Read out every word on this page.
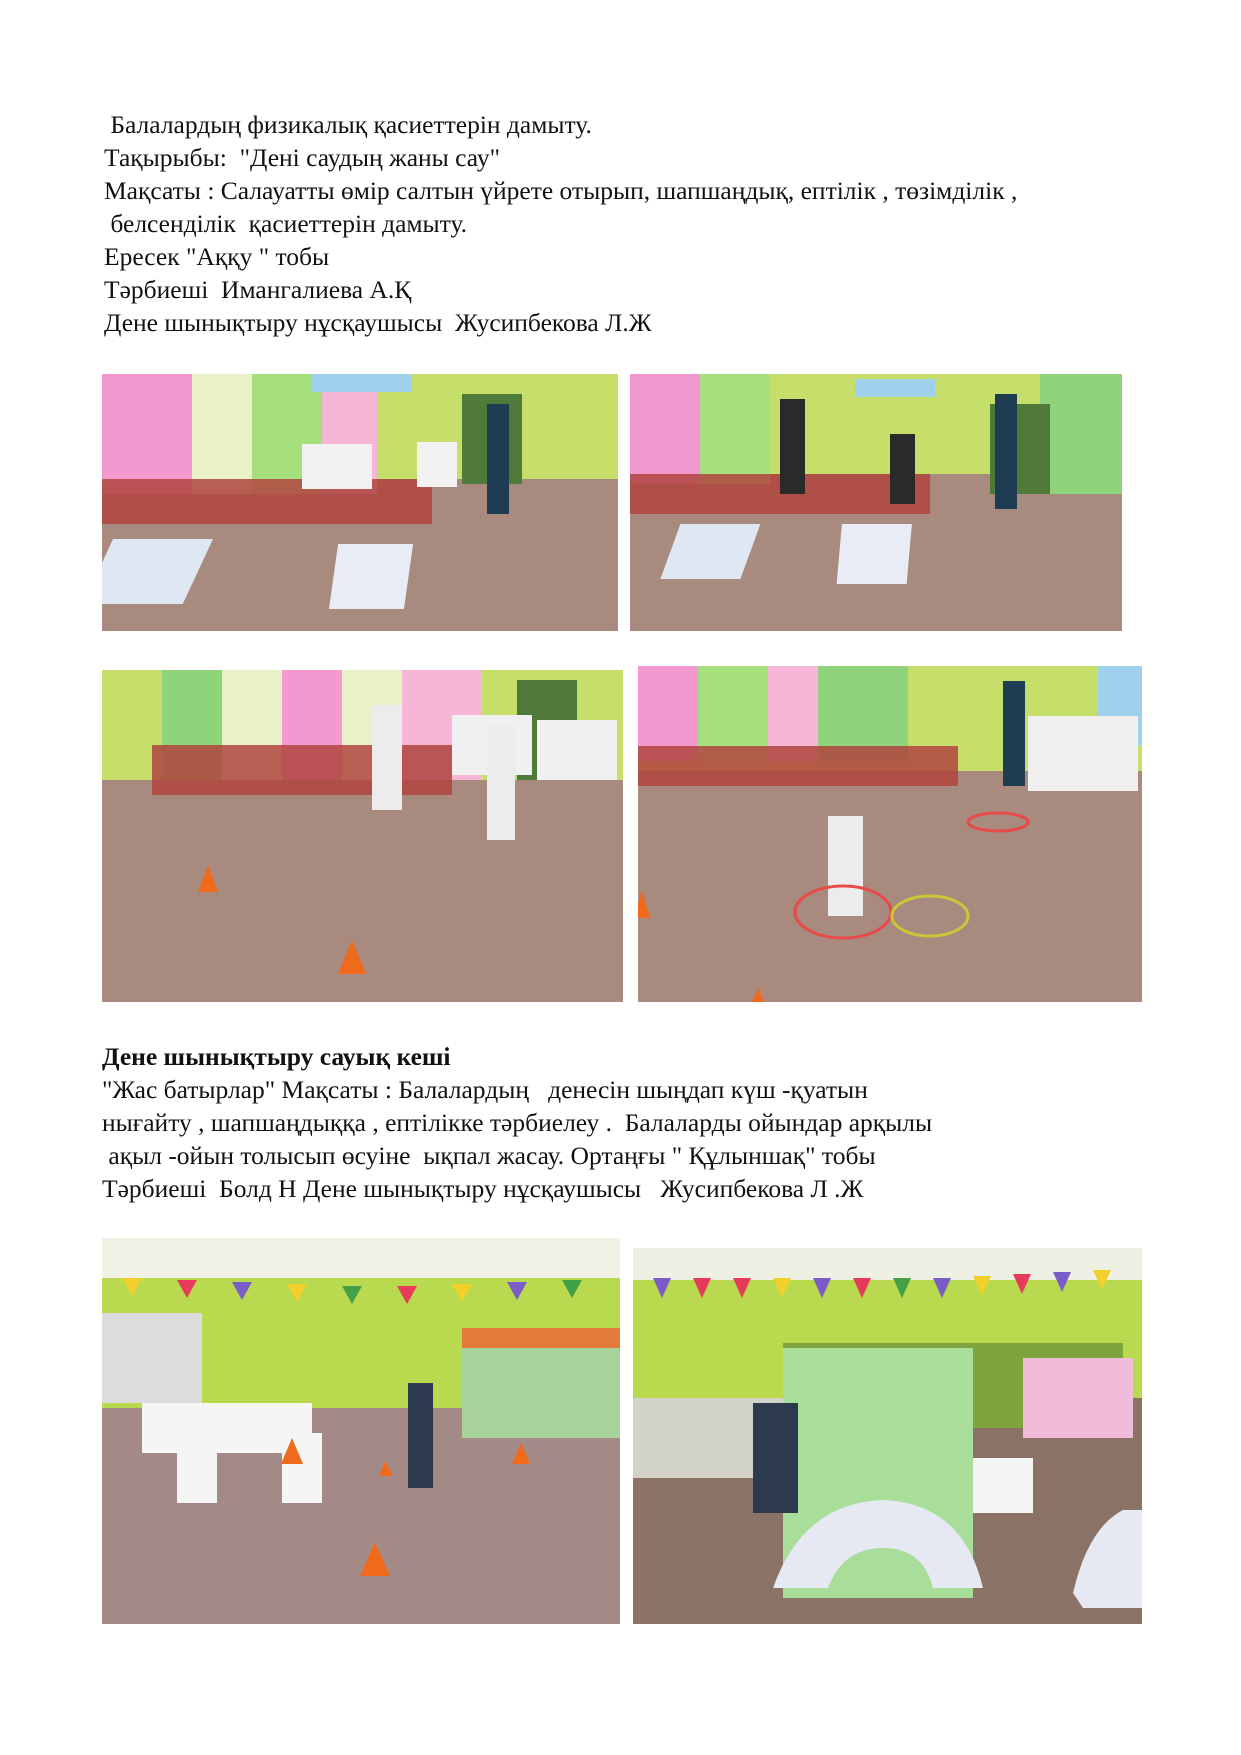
Балалардың физикалық қасиеттерін дамыту.
Тақырыбы:  "Дені саудың жаны сау"
Мақсаты : Салауатты өмір салтын үйрете отырып, шапшаңдық, ептілік , төзімділік ,
белсенділік  қасиеттерін дамыту.
Ересек "Аққу " тобы
Тәрбиеші  Имангалиева А.Қ
Дене шынықтыру нұсқаушысы  Жусипбекова Л.Ж
Дене шынықтыру сауық кеші
"Жас батырлар" Мақсаты : Балалардың   денесін шыңдап күш -қуатын
нығайту , шапшаңдыққа , ептілікке тәрбиелеу .  Балаларды ойындар арқылы
ақыл -ойын толысып өсуіне  ықпал жасау. Ортаңғы " Құлыншақ" тобы
Тәрбиеші  Болд Н Дене шынықтыру нұсқаушысы   Жусипбекова Л .Ж
